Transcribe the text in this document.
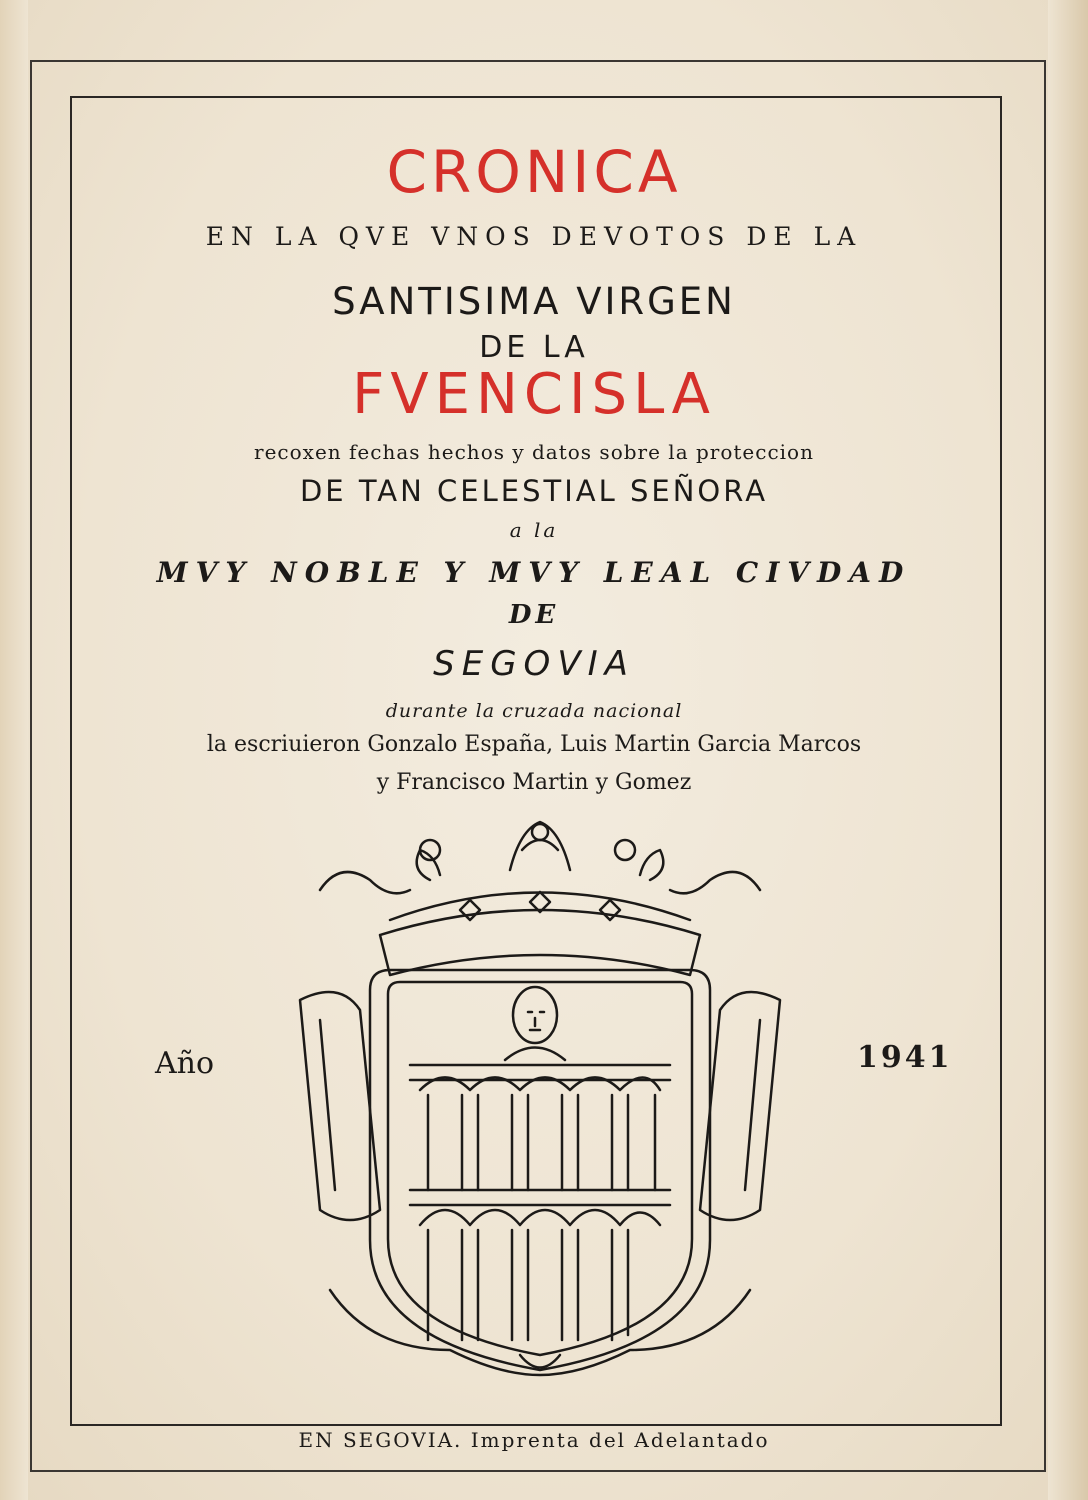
CRONICA

EN LA QVE VNOS DEVOTOS DE LA

SANTISIMA VIRGEN

DE LA

FVENCISLA

recoxen fechas hechos y datos sobre la proteccion

DE TAN CELESTIAL SEÑORA

a la

MVY NOBLE Y MVY LEAL CIVDAD

DE

SEGOVIA

durante la cruzada nacional

la escriuieron Gonzalo España, Luis Martin Garcia Marcos

y Francisco Martin y Gomez

Año	1941
EN SEGOVIA. Imprenta del Adelantado
